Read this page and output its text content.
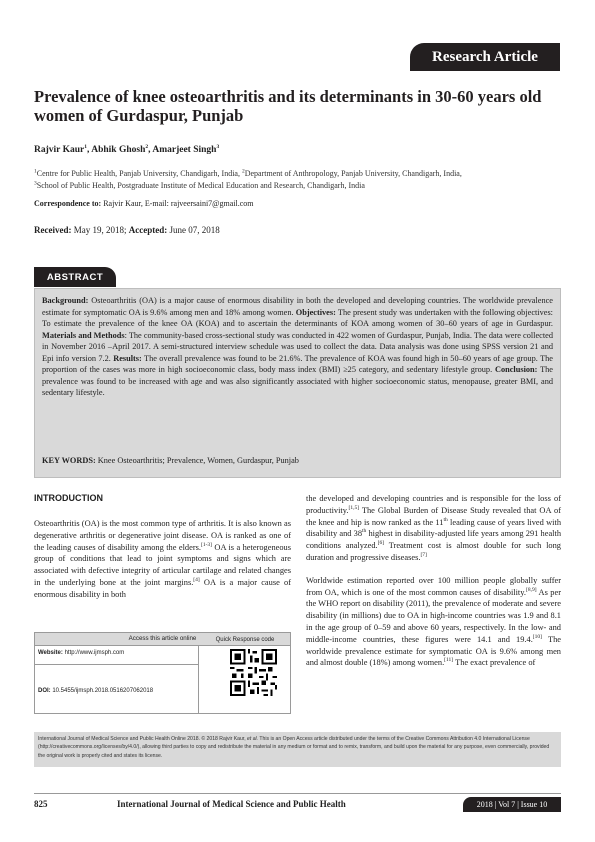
Research Article
Prevalence of knee osteoarthritis and its determinants in 30-60 years old women of Gurdaspur, Punjab
Rajvir Kaur$^1$, Abhik Ghosh$^2$, Amarjeet Singh$^3$
$^1$Centre for Public Health, Panjab University, Chandigarh, India, $^2$Department of Anthropology, Panjab University, Chandigarh, India,
$^3$School of Public Health, Postgraduate Institute of Medical Education and Research, Chandigarh, India
Correspondence to: Rajvir Kaur, E-mail: rajveersaini7@gmail.com
Received: May 19, 2018; Accepted: June 07, 2018
ABSTRACT
Background: Osteoarthritis (OA) is a major cause of enormous disability in both the developed and developing countries. The worldwide prevalence estimate for symptomatic OA is 9.6% among men and 18% among women. Objectives: The present study was undertaken with the following objectives: To estimate the prevalence of the knee OA (KOA) and to ascertain the determinants of KOA among women of 30–60 years of age in Gurdaspur. Materials and Methods: The community-based cross-sectional study was conducted in 422 women of Gurdaspur, Punjab, India. The data were collected in November 2016 –April 2017. A semi-structured interview schedule was used to collect the data. Data analysis was done using SPSS version 21 and Epi info version 7.2. Results: The overall prevalence was found to be 21.6%. The prevalence of KOA was found high in 50–60 years of age group. The proportion of the cases was more in high socioeconomic class, body mass index (BMI) ≥25 category, and sedentary lifestyle group. Conclusion: The prevalence was found to be increased with age and was also significantly associated with higher socioeconomic status, menopause, greater BMI, and sedentary lifestyle.
KEY WORDS: Knee Osteoarthritis; Prevalence, Women, Gurdaspur, Punjab
INTRODUCTION
Osteoarthritis (OA) is the most common type of arthritis. It is also known as degenerative arthritis or degenerative joint disease. OA is ranked as one of the leading causes of disability among the elders.[1-3] OA is a heterogeneous group of conditions that lead to joint symptoms and signs which are associated with defective integrity of articular cartilage and related changes in the underlying bone at the joint margins.[4] OA is a major cause of enormous disability in both

the developed and developing countries and is responsible for the loss of productivity.[1,5] The Global Burden of Disease Study revealed that OA of the knee and hip is now ranked as the 11th leading cause of years lived with disability and 38th highest in disability-adjusted life years among 291 health conditions analyzed.[6] Treatment cost is almost double for such long duration and progressive diseases.[7]

Worldwide estimation reported over 100 million people globally suffer from OA, which is one of the most common causes of disability.[8,9] As per the WHO report on disability (2011), the prevalence of moderate and severe disability (in millions) due to OA in high-income countries was 1.9 and 8.1 in the age group of 0–59 and above 60 years, respectively. In the low- and middle-income countries, these figures were 14.1 and 19.4.[10] The worldwide prevalence estimate for symptomatic OA is 9.6% among men and almost double (18%) among women.[11] The exact prevalence of

Access this article online
Website: http://www.ijmsph.com
DOI: 10.5455/ijmsph.2018.0516207062018
Quick Response code
International Journal of Medical Science and Public Health Online 2018. © 2018 Rajvir Kaur, et al. This is an Open Access article distributed under the terms of the Creative Commons Attribution 4.0 International License (http://creativecommons.org/licenses/by/4.0/), allowing third parties to copy and redistribute the material in any medium or format and to remix, transform, and build upon the material for any purpose, even commercially, provided the original work is properly cited and states its license.
825	International Journal of Medical Science and Public Health	2018 | Vol 7 | Issue 10
